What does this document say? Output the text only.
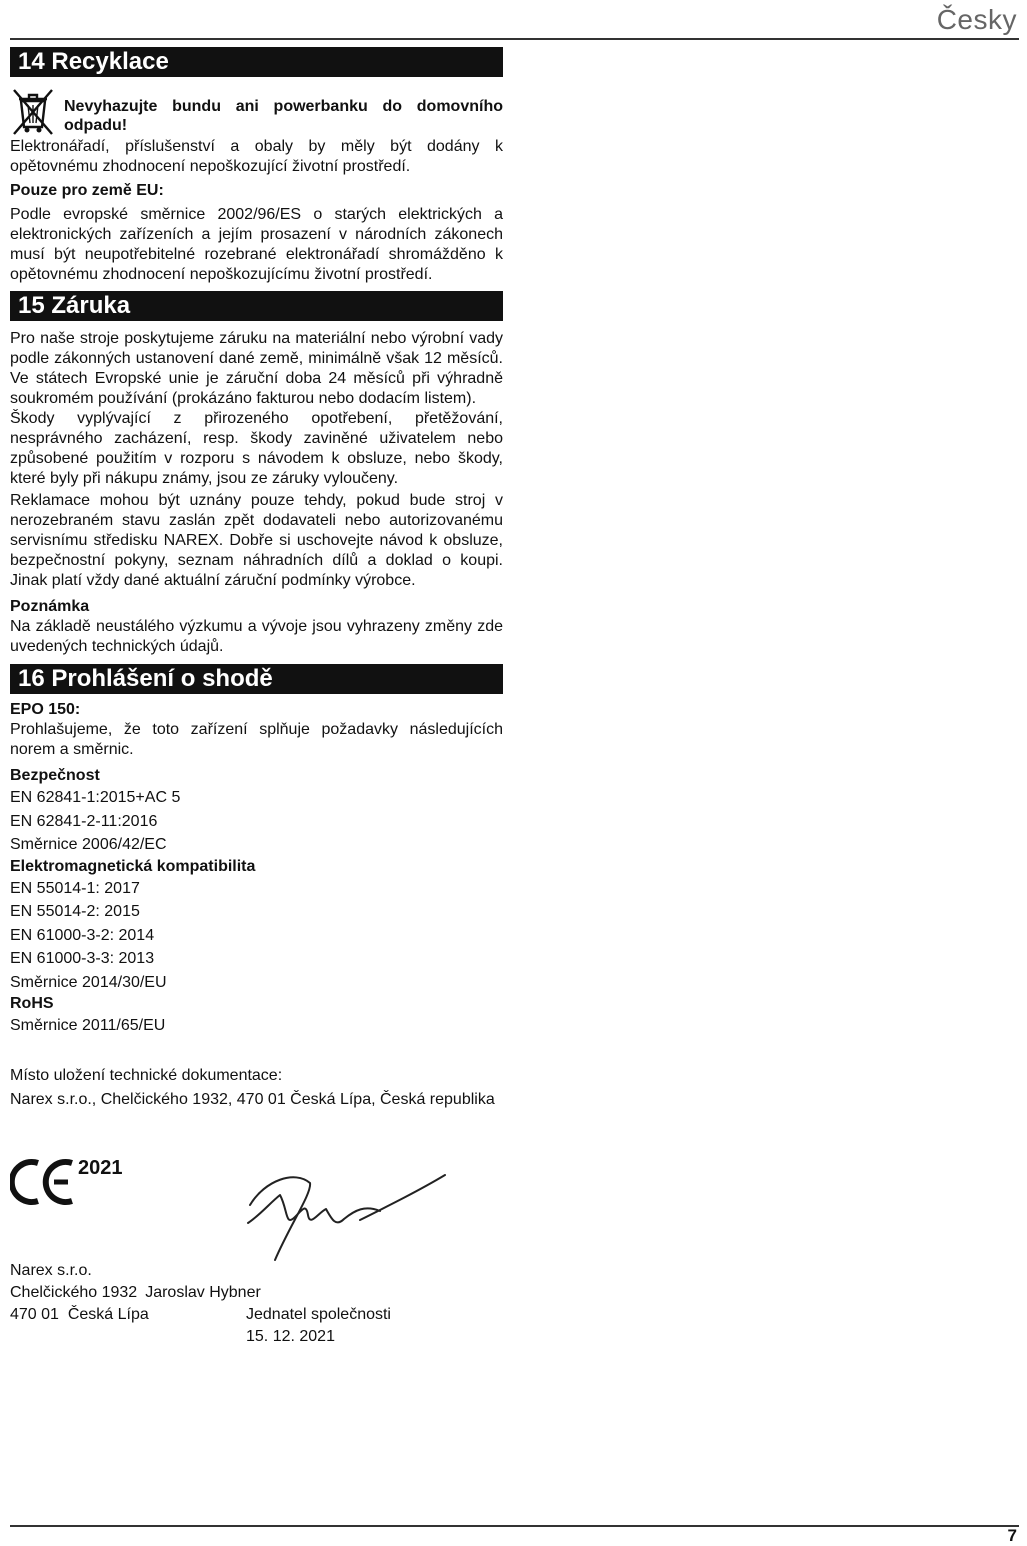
Česky
14 Recyklace
Nevyhazujte bundu ani powerbanku do domovního odpadu!

Elektronářadí, příslušenství a obaly by měly být dodány k opětovnému zhodnocení nepoškozující životní prostředí.

Pouze pro země EU:

Podle evropské směrnice 2002/96/ES o starých elektrických a elektronických zařízeních a jejím prosazení v národních zákonech musí být neupotřebitelné rozebrané elektronářadí shromážděno k opětovnému zhodnocení nepoškozujícímu životní prostředí.

15 Záruka

Pro naše stroje poskytujeme záruku na materiální nebo výrobní vady podle zákonných ustanovení dané země, minimálně však 12 měsíců. Ve státech Evropské unie je záruční doba 24 měsíců při výhradně soukromém používání (prokázáno fakturou nebo dodacím listem).

Škody vyplývající z přirozeného opotřebení, přetěžování, nesprávného zacházení, resp. škody zaviněné uživatelem nebo způsobené použitím v rozporu s návodem k obsluze, nebo škody, které byly při nákupu známy, jsou ze záruky vyloučeny.

Reklamace mohou být uznány pouze tehdy, pokud bude stroj v nerozebraném stavu zaslán zpět dodavateli nebo autorizovanému servisnímu středisku NAREX. Dobře si uschovejte návod k obsluze, bezpečnostní pokyny, seznam náhradních dílů a doklad o koupi. Jinak platí vždy dané aktuální záruční podmínky výrobce.

Poznámka

Na základě neustálého výzkumu a vývoje jsou vyhrazeny změny zde uvedených technických údajů.

16 Prohlášení o shodě

EPO 150:

Prohlašujeme, že toto zařízení splňuje požadavky následujících norem a směrnic.

Bezpečnost

EN 62841-1:2015+AC 5
EN 62841-2-11:2016
Směrnice 2006/42/EC

Elektromagnetická kompatibilita

EN 55014-1: 2017
EN 55014-2: 2015
EN 61000-3-2: 2014
EN 61000-3-3: 2013
Směrnice 2014/30/EU

RoHS

Směrnice 2011/65/EU

Místo uložení technické dokumentace:

Narex s.r.o., Chelčického 1932, 470 01 Česká Lípa, Česká republika

2021
Narex s.r.o.
Chelčického 1932 Jaroslav Hybner
470 01  Česká Lípa	Jednatel společnosti
15. 12. 2021
7
